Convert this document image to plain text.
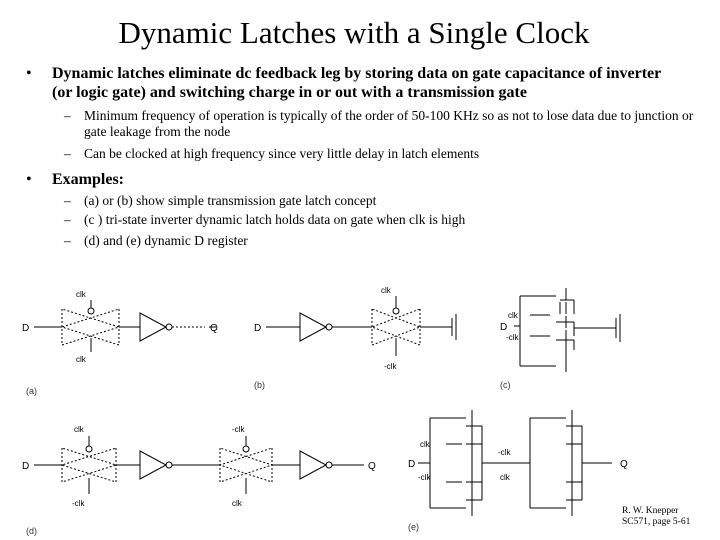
Dynamic Latches with a Single Clock
• Dynamic latches eliminate dc feedback leg by storing data on gate capacitance of inverter (or logic gate) and switching charge in or out with a transmission gate
– Minimum frequency of operation is typically of the order of 50-100 KHz so as not to lose data due to junction or gate leakage from the node
– Can be clocked at high frequency since very little delay in latch elements
• Examples:
– (a) or (b) show simple transmission gate latch concept
– (c ) tri-state inverter dynamic latch holds data on gate when clk is high
– (d) and (e) dynamic D register
clk
clk
D	D
Q
clk
-clk
clk
-clk
D
clk
-clk
-clk
clk
D	Q
clk
-clk
-clk
clk
D	Q
(a)
(b)	(c)
(d)	(e)
R. W. Knepper
SC571, page 5-61
